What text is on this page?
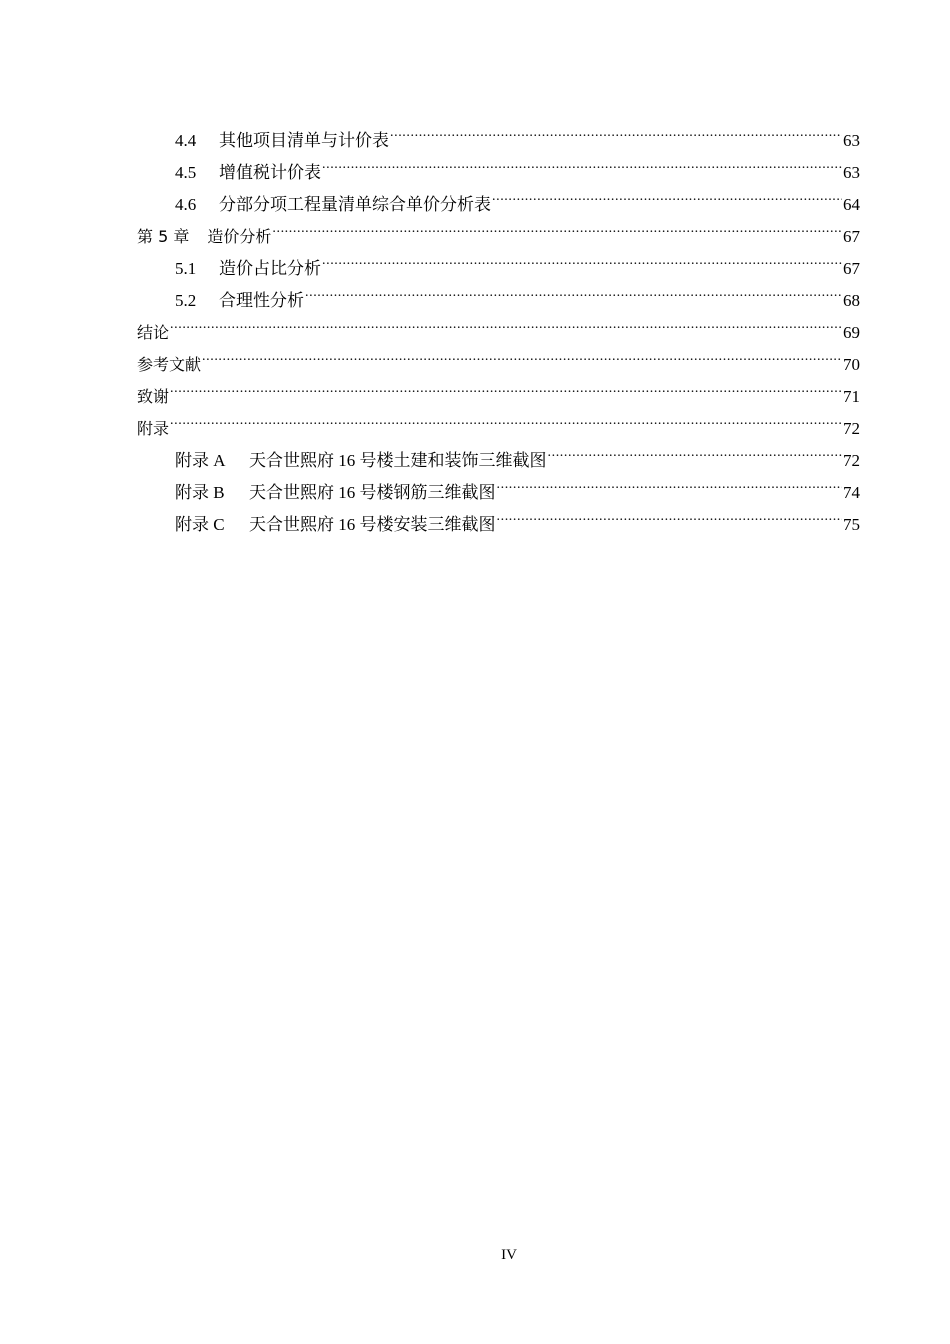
4.4	其他项目清单与计价表 .....	63
4.5	增值税计价表 .....	63
4.6	分部分项工程量清单综合单价分析表 .....	64
第 5 章 造价分析 .....	67
5.1	造价占比分析 .....	67
5.2	合理性分析 .....	68
结论 .....	69
参考文献 .....	70
致谢 .....	71
附录 .....	72
附录 A	天合世熙府 16 号楼土建和装饰三维截图 .....	72
附录 B	天合世熙府 16 号楼钢筋三维截图 .....	74
附录 C	天合世熙府 16 号楼安装三维截图 .....	75
IV
